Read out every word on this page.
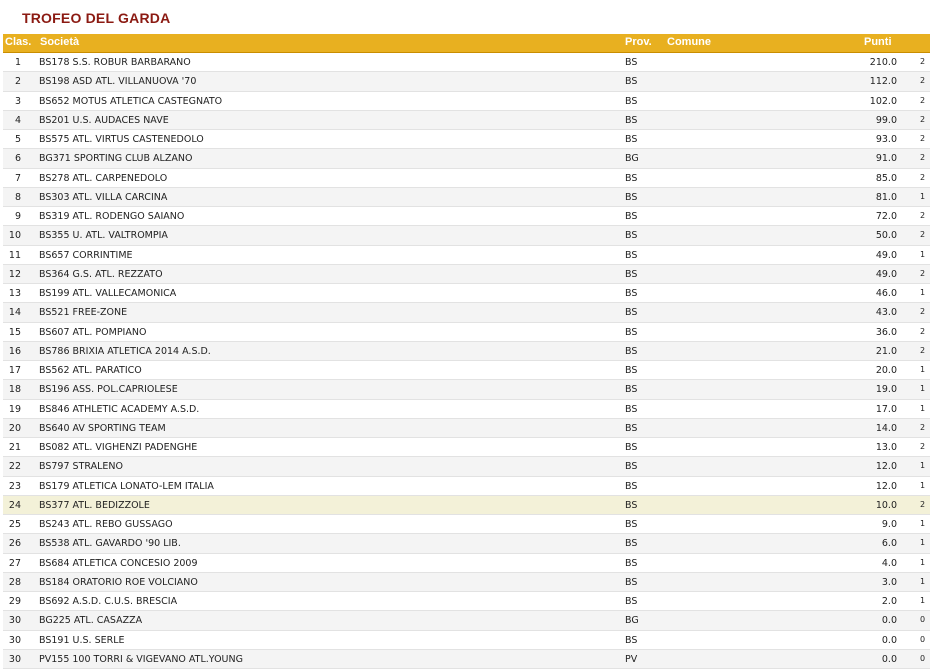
TROFEO DEL GARDA
Clas. Società	Prov. Comune	Punti
1 BS178 S.S. ROBUR BARBARANO	BS	210.0	2
2 BS198 ASD ATL. VILLANUOVA '70	BS	112.0	2
3 BS652 MOTUS ATLETICA CASTEGNATO	BS	102.0	2
4 BS201 U.S. AUDACES NAVE	BS	99.0	2
5 BS575 ATL. VIRTUS CASTENEDOLO	BS	93.0	2
6 BG371 SPORTING CLUB ALZANO	BG	91.0	2
7 BS278 ATL. CARPENEDOLO	BS	85.0	2
8 BS303 ATL. VILLA CARCINA	BS	81.0	1
9 BS319 ATL. RODENGO SAIANO	BS	72.0	2
10 BS355 U. ATL. VALTROMPIA	BS	50.0	2
11 BS657 CORRINTIME	BS	49.0	1
12 BS364 G.S. ATL. REZZATO	BS	49.0	2
13 BS199 ATL. VALLECAMONICA	BS	46.0	1
14 BS521 FREE-ZONE	BS	43.0	2
15 BS607 ATL. POMPIANO	BS	36.0	2
16 BS786 BRIXIA ATLETICA 2014 A.S.D.	BS	21.0	2
17 BS562 ATL. PARATICO	BS	20.0	1
18 BS196 ASS. POL.CAPRIOLESE	BS	19.0	1
19 BS846 ATHLETIC ACADEMY A.S.D.	BS	17.0	1
20 BS640 AV SPORTING TEAM	BS	14.0	2
21 BS082 ATL. VIGHENZI PADENGHE	BS	13.0	2
22 BS797 STRALENO	BS	12.0	1
23 BS179 ATLETICA LONATO-LEM ITALIA	BS	12.0	1
24 BS377 ATL. BEDIZZOLE	BS	10.0	2
25 BS243 ATL. REBO GUSSAGO	BS	9.0	1
26 BS538 ATL. GAVARDO '90 LIB.	BS	6.0	1
27 BS684 ATLETICA CONCESIO 2009	BS	4.0	1
28 BS184 ORATORIO ROE VOLCIANO	BS	3.0	1
29 BS692 A.S.D. C.U.S. BRESCIA	BS	2.0	1
30 BG225 ATL. CASAZZA	BG	0.0	0
30 BS191 U.S. SERLE	BS	0.0	0
30 PV155 100 TORRI & VIGEVANO ATL.YOUNG	PV	0.0	0
